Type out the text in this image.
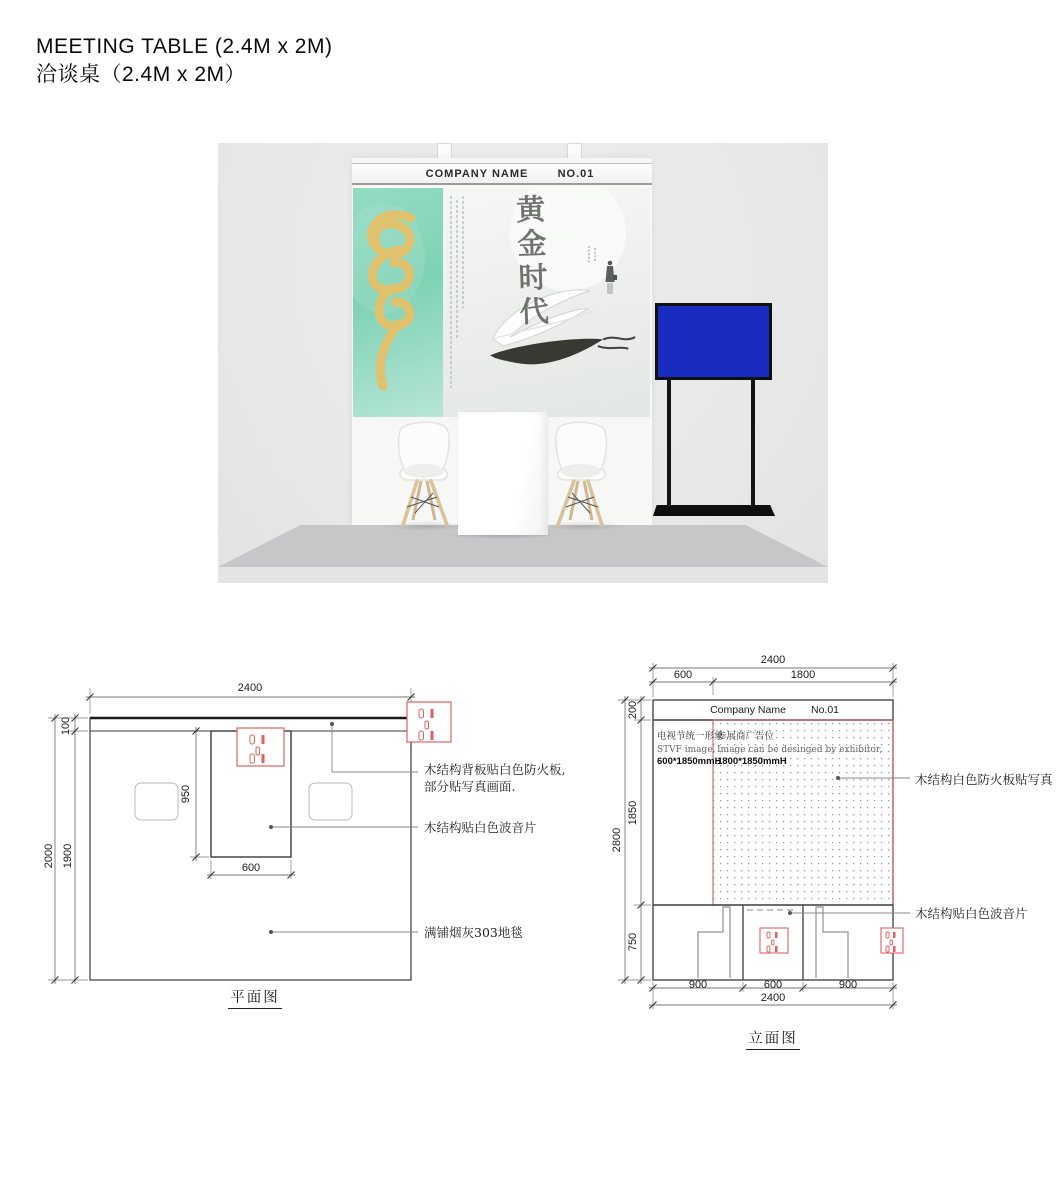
MEETING TABLE (2.4M x 2M)
洽谈桌（2.4M x 2M）
COMPANY NAME	NO.01
黄金时代
2400
100
1900
2000
950
600
木结构背板贴白色防火板,
部分贴写真画面.
木结构贴白色波音片
满铺烟灰303地毯
平面图
2400
600	1800
200
1850
2800
750
900	600	900
2400
Company Name	No.01
电视节统一形象
STVF image,
600*1850mmH
参展商广告位
Image can be desinged by exhibitor,
1800*1850mmH
木结构白色防火板贴写真
木结构贴白色波音片
立面图
